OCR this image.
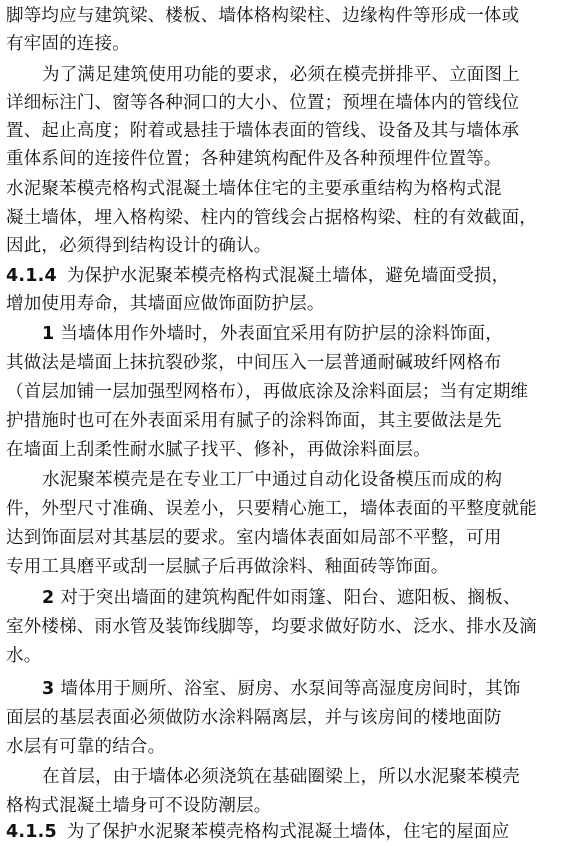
脚等均应与建筑梁、楼板、墙体格构梁柱、边缘构件等形成一体或
有牢固的连接。
为了满足建筑使用功能的要求，必须在模壳拼排平、立面图上
详细标注门、窗等各种洞口的大小、位置；预埋在墙体内的管线位
置、起止高度；附着或悬挂于墙体表面的管线、设备及其与墙体承
重体系间的连接件位置；各种建筑构配件及各种预埋件位置等。
水泥聚苯模壳格构式混凝土墙体住宅的主要承重结构为格构式混
凝土墙体，埋入格构梁、柱内的管线会占据格构梁、柱的有效截面，
因此，必须得到结构设计的确认。
4.1.4 为保护水泥聚苯模壳格构式混凝土墙体，避免墙面受损，
增加使用寿命，其墙面应做饰面防护层。
1 当墙体用作外墙时，外表面宜采用有防护层的涂料饰面，
其做法是墙面上抹抗裂砂浆，中间压入一层普通耐碱玻纤网格布
（首层加铺一层加强型网格布），再做底涂及涂料面层；当有定期维
护措施时也可在外表面采用有腻子的涂料饰面，其主要做法是先
在墙面上刮柔性耐水腻子找平、修补，再做涂料面层。
水泥聚苯模壳是在专业工厂中通过自动化设备模压而成的构
件，外型尺寸准确、误差小，只要精心施工，墙体表面的平整度就能
达到饰面层对其基层的要求。室内墙体表面如局部不平整，可用
专用工具磨平或刮一层腻子后再做涂料、釉面砖等饰面。
2 对于突出墙面的建筑构配件如雨篷、阳台、遮阳板、搁板、
室外楼梯、雨水管及装饰线脚等，均要求做好防水、泛水、排水及滴
水。
3 墙体用于厕所、浴室、厨房、水泵间等高湿度房间时，其饰
面层的基层表面必须做防水涂料隔离层，并与该房间的楼地面防
水层有可靠的结合。
在首层，由于墙体必须浇筑在基础圈梁上，所以水泥聚苯模壳
格构式混凝土墙身可不设防潮层。
4.1.5 为了保护水泥聚苯模壳格构式混凝土墙体，住宅的屋面应
